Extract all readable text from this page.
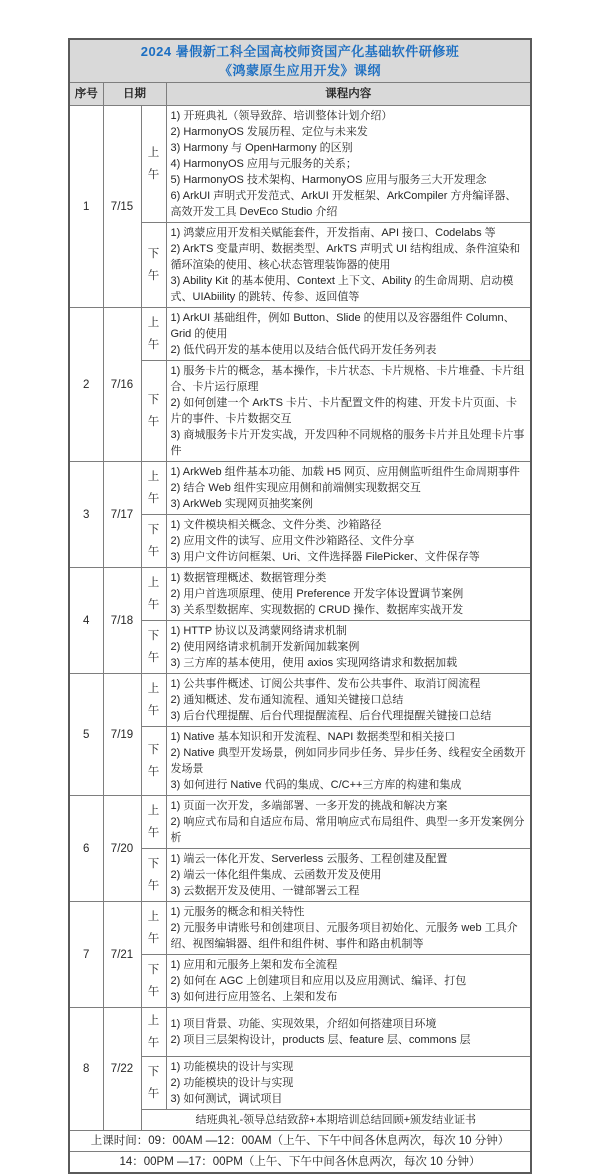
2024 暑假新工科全国高校师资国产化基础软件研修班
《鸿蒙原生应用开发》课纲			

序号	日期		课程内容
1	7/15	上午	
1) 开班典礼（领导致辞、培训整体计划介绍）
2) HarmonyOS 发展历程、定位与未来发
3) Harmony 与 OpenHarmony 的区别
4) HarmonyOS 应用与元服务的关系；
5) HarmonyOS 技术架构、HarmonyOS 应用与服务三大开发理念
6) ArkUI 声明式开发范式、ArkUI 开发框架、ArkCompiler 方舟编译器、高效开发工具 DevEco Studio 介绍

		下午	1) 鸿蒙应用开发相关赋能套件，开发指南、API 接口、Codelabs 等
2) ArkTS 变量声明、数据类型、ArkTS 声明式 UI 结构组成、条件渲染和循环渲染的使用、核心状态管理装饰器的使用
3) Ability Kit 的基本使用、Context 上下文、Ability 的生命周期、启动模式、UIAbiility 的跳转、传参、返回值等

2	7/16	上午	1) ArkUI 基础组件，例如 Button、Slide 的使用以及容器组件 Column、Grid 的使用
2) 低代码开发的基本使用以及结合低代码开发任务列表

		下午	1) 服务卡片的概念，基本操作，卡片状态、卡片规格、卡片堆叠、卡片组合、卡片运行原理
2) 如何创建一个 ArkTS 卡片、卡片配置文件的构建、开发卡片页面、卡片的事件、卡片数据交互
3) 商城服务卡片开发实战，开发四种不同规格的服务卡片并且处理卡片事件

3	7/17	上午	1) ArkWeb 组件基本功能、加载 H5 网页、应用侧监听组件生命周期事件
2) 结合 Web 组件实现应用侧和前端侧实现数据交互
3) ArkWeb 实现网页抽奖案例

		下午	1) 文件模块相关概念、文件分类、沙箱路径
2) 应用文件的读写、应用文件沙箱路径、文件分享
3) 用户文件访问框架、Uri、文件选择器 FilePicker、文件保存等

4	7/18	上午	1) 数据管理概述、数据管理分类
2) 用户首选项原理、使用 Preference 开发字体设置调节案例
3) 关系型数据库、实现数据的 CRUD 操作、数据库实战开发

		下午	1) HTTP 协议以及鸿蒙网络请求机制
2) 使用网络请求机制开发新闻加载案例
3) 三方库的基本使用，使用 axios 实现网络请求和数据加载

5	7/19	上午	1) 公共事件概述、订阅公共事件、发布公共事件、取消订阅流程
2) 通知概述、发布通知流程、通知关键接口总结
3) 后台代理提醒、后台代理提醒流程、后台代理提醒关键接口总结

		下午	1) Native 基本知识和开发流程、NAPI 数据类型和相关接口
2) Native 典型开发场景，例如同步同步任务、异步任务、线程安全函数开发场景
3) 如何进行 Native 代码的集成、C/C++三方库的构建和集成

6	7/20	上午	1) 页面一次开发，多端部署、一多开发的挑战和解决方案
2) 响应式布局和自适应布局、常用响应式布局组件、典型一多开发案例分析

		下午	1) 端云一体化开发、Serverless 云服务、工程创建及配置
2) 端云一体化组件集成、云函数开发及使用
3) 云数据开发及使用、一键部署云工程

7	7/21	上午	1) 元服务的概念和相关特性
2) 元服务申请账号和创建项目、元服务项目初始化、元服务 web 工具介绍、视图编辑器、组件和组件树、事件和路由机制等

		下午	1) 应用和元服务上架和发布全流程
2) 如何在 AGC 上创建项目和应用以及应用测试、编译、打包
3) 如何进行应用签名、上架和发布

8	7/22	上午	1) 项目背景、功能、实现效果，介绍如何搭建项目环境
2) 项目三层架构设计，products 层、feature 层、commons 层

		下午	1) 功能模块的设计与实现
2) 功能模块的设计与实现
3) 如何测试，调试项目

		结班典礼-领导总结致辞+本期培训总结回顾+颁发结业证书	
上课时间：09：00AM —12：00AM（上午、下午中间各休息两次，每次 10 分钟）			
14：00PM —17：00PM（上午、下午中间各休息两次，每次 10 分钟）			
